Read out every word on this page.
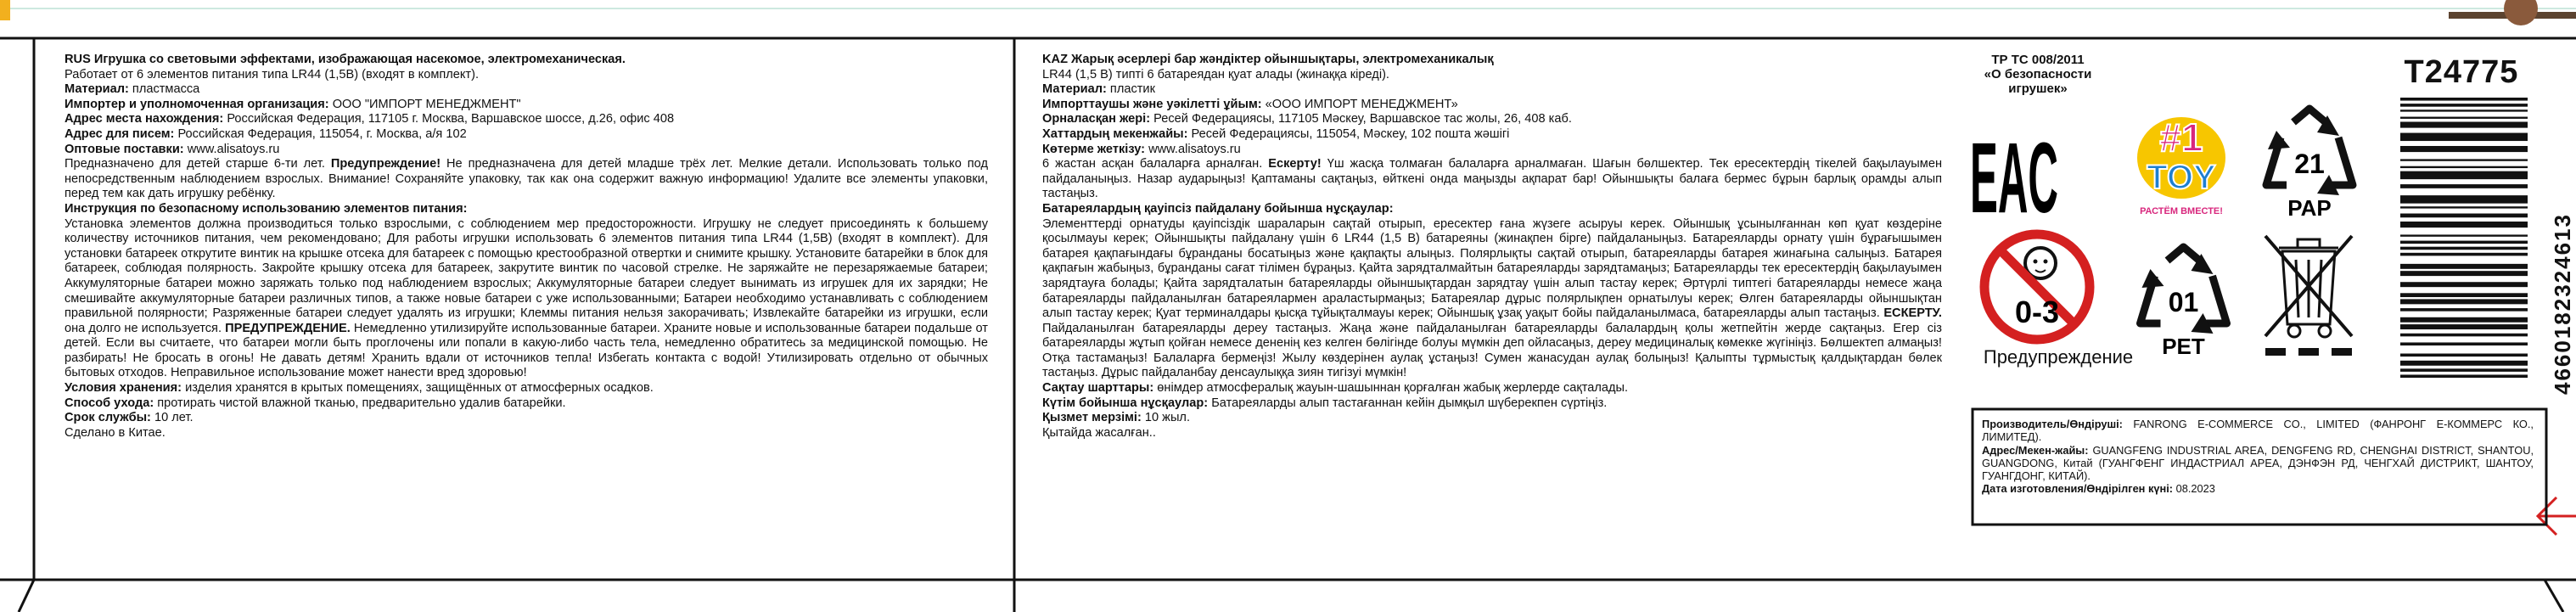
RUS Игрушка со световыми эффектами, изображающая насекомое, электромеханическая.

Работает от 6 элементов питания типа LR44 (1,5В) (входят в комплект).

Материал: пластмасса

Импортер и уполномоченная организация: ООО "ИМПОРТ МЕНЕДЖМЕНТ"

Адрес места нахождения: Российская Федерация, 117105 г. Москва, Варшавское шоссе, д.26, офис 408

Адрес для писем: Российская Федерация, 115054, г. Москва, а/я 102

Оптовые поставки: www.alisatoys.ru

Предназначено для детей старше 6-ти лет. Предупреждение! Не предназначена для детей младше трёх лет. Мелкие детали. Использовать только под непосредственным наблюдением взрослых. Внимание! Сохраняйте упаковку, так как она содержит важную информацию! Удалите все элементы упаковки, перед тем как дать игрушку ребёнку.

Инструкция по безопасному использованию элементов питания:

Установка элементов должна производиться только взрослыми, с соблюдением мер предосторожности. Игрушку не следует присоединять к большему количеству источников питания, чем рекомендовано; Для работы игрушки использовать 6 элементов питания типа LR44 (1,5В) (входят в комплект). Для установки батареек открутите винтик на крышке отсека для батареек с помощью крестообразной отвертки и снимите крышку. Установите батарейки в блок для батареек, соблюдая полярность. Закройте крышку отсека для батареек, закрутите винтик по часовой стрелке. Не заряжайте не перезаряжаемые батареи; Аккумуляторные батареи можно заряжать только под наблюдением взрослых; Аккумуляторные батареи следует вынимать из игрушек для их зарядки; Не смешивайте аккумуляторные батареи различных типов, а также новые батареи с уже использованными; Батареи необходимо устанавливать с соблюдением правильной полярности; Разряженные батареи следует удалять из игрушки; Клеммы питания нельзя закорачивать; Извлекайте батарейки из игрушки, если она долго не используется. ПРЕДУПРЕЖДЕНИЕ. Немедленно утилизируйте использованные батареи. Храните новые и использованные батареи подальше от детей. Если вы считаете, что батареи могли быть проглочены или попали в какую-либо часть тела, немедленно обратитесь за медицинской помощью. Не разбирать! Не бросать в огонь! Не давать детям! Хранить вдали от источников тепла! Избегать контакта с водой! Утилизировать отдельно от обычных бытовых отходов. Неправильное использование может нанести вред здоровью!

Условия хранения: изделия хранятся в крытых помещениях, защищённых от атмосферных осадков.

Способ ухода: протирать чистой влажной тканью, предварительно удалив батарейки.

Срок службы: 10 лет.

Сделано в Китае.

KAZ Жарық әсерлері бар жәндіктер ойыншықтары, электромеханикалық

LR44 (1,5 В) типті 6 батареядан қуат алады (жинаққа кіреді).

Материал: пластик

Импорттаушы және уәкілетті ұйым: «ООО ИМПОРТ МЕНЕДЖМЕНТ»

Орналасқан жері: Ресей Федерациясы, 117105 Мәскеу, Варшавское тас жолы, 26, 408 каб.

Хаттардың мекенжайы: Ресей Федерациясы, 115054, Мәскеу, 102 пошта жәшігі

Көтерме жеткізу: www.alisatoys.ru

6 жастан асқан балаларға арналған. Ескерту! Үш жасқа толмаған балаларға арналмаған. Шағын бөлшектер. Тек ересектердің тікелей бақылауымен пайдаланыңыз. Назар аударыңыз! Қаптаманы сақтаңыз, өйткені онда маңызды ақпарат бар! Ойыншықты балаға бермес бұрын барлық орамды алып тастаңыз.

Батареялардың қауіпсіз пайдалану бойынша нұсқаулар:

Элементтерді орнатуды қауіпсіздік шараларын сақтай отырып, ересектер ғана жүзеге асыруы керек. Ойыншық ұсынылғаннан көп қуат көздеріне қосылмауы керек; Ойыншықты пайдалану үшін 6 LR44 (1,5 В) батареяны (жинақпен бірге) пайдаланыңыз. Батареяларды орнату үшін бұрағышымен батарея қақпағындағы бұранданы босатыңыз және қақпақты алыңыз. Полярлықты сақтай отырып, батареяларды батарея жинағына салыңыз. Батарея қақпағын жабыңыз, бұранданы сағат тілімен бұраңыз. Қайта зарядталмайтын батареяларды зарядтамаңыз; Батареяларды тек ересектердің бақылауымен зарядтауға болады; Қайта зарядталатын батареяларды ойыншықтардан зарядтау үшін алып тастау керек; Әртүрлі типтегі батареяларды немесе жаңа батареяларды пайдаланылған батареялармен араластырмаңыз; Батареялар дұрыс полярлықпен орнатылуы керек; Өлген батареяларды ойыншықтан алып тастау керек; Қуат терминалдары қысқа тұйықталмауы керек; Ойыншық ұзақ уақыт бойы пайдаланылмаса, батареяларды алып тастаңыз. ЕСКЕРТУ. Пайдаланылған батареяларды дереу тастаңыз. Жаңа және пайдаланылған батареяларды балалардың қолы жетпейтін жерде сақтаңыз. Егер сіз батареяларды жұтып қойған немесе дененің кез келген бөлігінде болуы мүмкін деп ойласаңыз, дереу медициналық көмекке жүгініңіз. Бөлшектеп алмаңыз! Отқа тастамаңыз! Балаларға бермеңіз! Жылу көздерінен аулақ ұстаңыз! Сумен жанасудан аулақ болыңыз! Қалыпты тұрмыстық қалдықтардан бөлек тастаңыз. Дұрыс пайдаланбау денсаулыққа зиян тигізуі мүмкін!

Сақтау шарттары: өнімдер атмосфералық жауын-шашыннан қорғалған жабық жерлерде сақталады.

Күтім бойынша нұсқаулар: Батареяларды алып тастағаннан кейін дымқыл шүберекпен сүртіңіз.

Қызмет мерзімі: 10 жыл.

Қытайда жасалған..

ТР ТС 008/2011
«О безопасности
игрушек»
EAC	#1
TOY
РАСТЁМ ВМЕСТЕ!
21
PAP
T24775
4660182324613
0-3
Предупреждение
01
PET

Производитель/Өндіруші: FANRONG E-COMMERCE CO., LIMITED (ФАНРОНГ Е-КОММЕРС КО., ЛИМИТЕД).

Адрес/Мекен-жайы: GUANGFENG INDUSTRIAL AREA, DENGFENG RD, CHENGHAI DISTRICT, SHANTOU, GUANGDONG, Китай (ГУАНГФЕНГ ИНДАСТРИАЛ АРЕА, ДЭНФЭН РД, ЧЕНГХАЙ ДИСТРИКТ, ШАНТОУ, ГУАНГДОНГ, КИТАЙ).

Дата изготовления/Өндірілген күні: 08.2023
